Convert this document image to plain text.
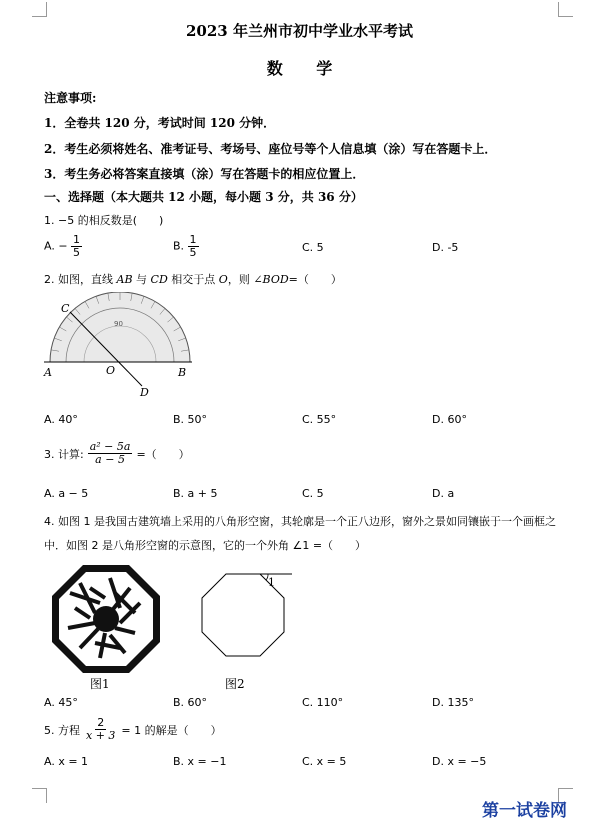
2023 年兰州市初中学业水平考试
数 学
注意事项:
1．全卷共 120 分，考试时间 120 分钟．
2．考生必须将姓名、准考证号、考场号、座位号等个人信息填（涂）写在答题卡上．
3．考生务必将答案直接填（涂）写在答题卡的相应位置上．
一、选择题（本大题共 12 小题，每小题 3 分，共 36 分）
1. −5 的相反数是(　　)
A. − $\frac{1}{5}$	B. $\frac{1}{5}$	C. 5	D. -5
2. 如图，直线 AB 与 CD 相交于点 O，则 ∠BOD=（　　）
90
C
A	O	B
D
A. 40°	B. 50°	C. 55°	D. 60°
3. 计算: $\frac{\text{a² − 5a}}{a - 5}$ =（　　）
A. a − 5	B. a + 5	C. 5	D. a
4. 如图 1 是我国古建筑墙上采用的八角形空窗，其轮廓是一个正八边形，窗外之景如同镶嵌于一个画框之
中．如图 2 是八角形空窗的示意图，它的一个外角 ∠1 =（　　）
图1
1
图2
A. 45°	B. 60°	C. 110°	D. 135°
5. 方程 $\frac{2}{x + 3} = 1$ 的解是（　　）
A. x = 1	B. x = −1	C. x = 5	D. x = −5
第一试卷网
